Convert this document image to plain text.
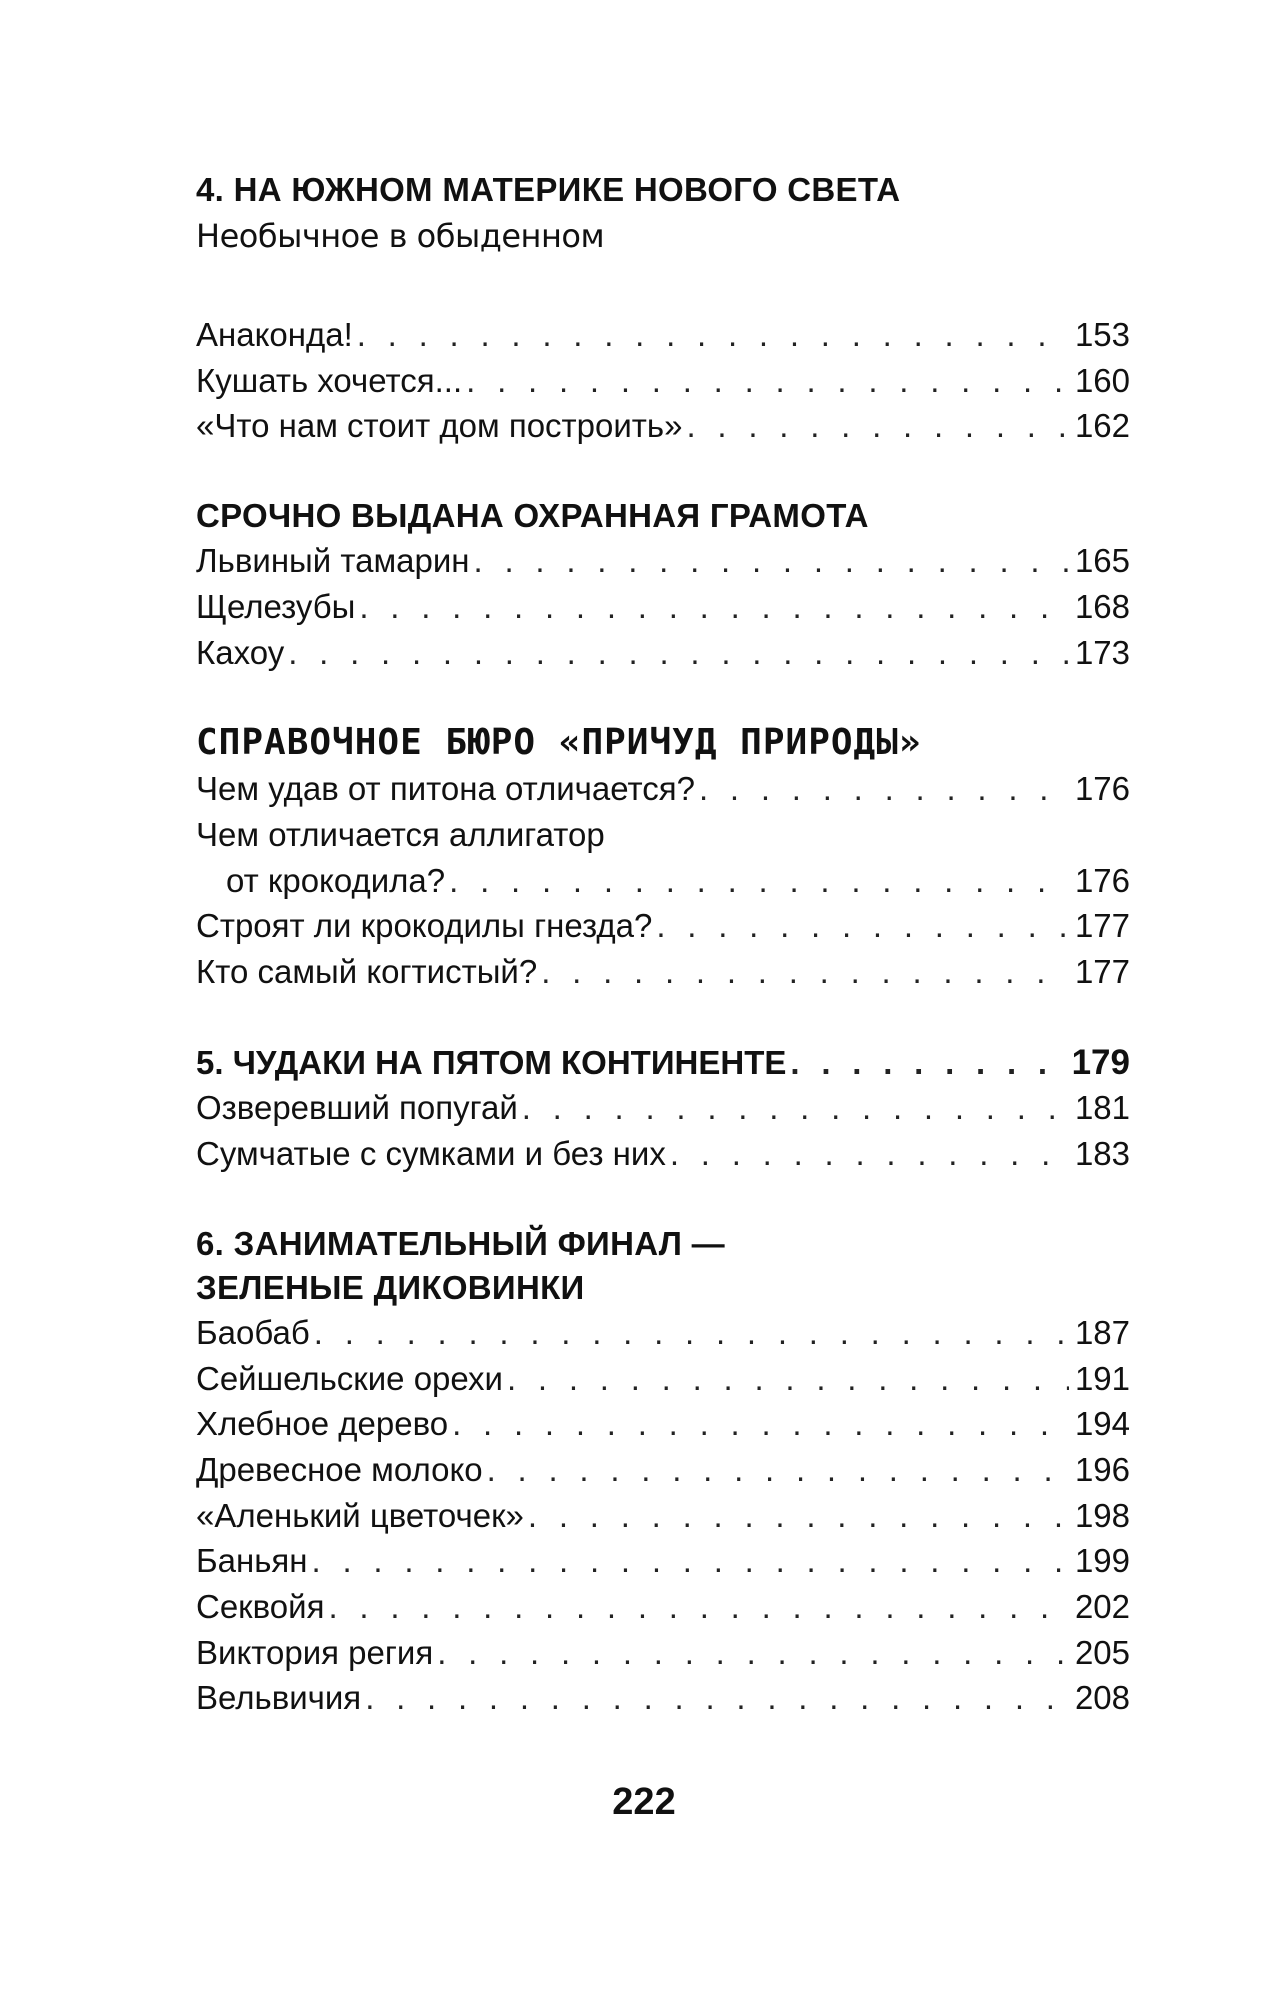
4. НА ЮЖНОМ МАТЕРИКЕ НОВОГО СВЕТА
Необычное в обыденном
Анаконда! . . .	153
Кушать хочется... . . .	160
«Что нам стоит дом построить» . . .	162
СРОЧНО ВЫДАНА ОХРАННАЯ ГРАМОТА
Львиный тамарин . . .	165
Щелезубы . . .	168
Кахоу . . .	173
СПРАВОЧНОЕ БЮРО «ПРИЧУД ПРИРОДЫ»
Чем удав от питона отличается? . . .	176
Чем отличается аллигатор
от крокодила? . . .	176
Строят ли крокодилы гнезда? . . .	177
Кто самый когтистый? . . .	177
5. ЧУДАКИ НА ПЯТОМ КОНТИНЕНТЕ . . .	179
Озверевший попугай . . .	181
Сумчатые с сумками и без них . . .	183
6. ЗАНИМАТЕЛЬНЫЙ ФИНАЛ —
ЗЕЛЕНЫЕ ДИКОВИНКИ
Баобаб . . .	187
Сейшельские орехи . . .	191
Хлебное дерево . . .	194
Древесное молоко . . .	196
«Аленький цветочек» . . .	198
Баньян . . .	199
Секвойя . . .	202
Виктория регия . . .	205
Вельвичия . . .	208
222
